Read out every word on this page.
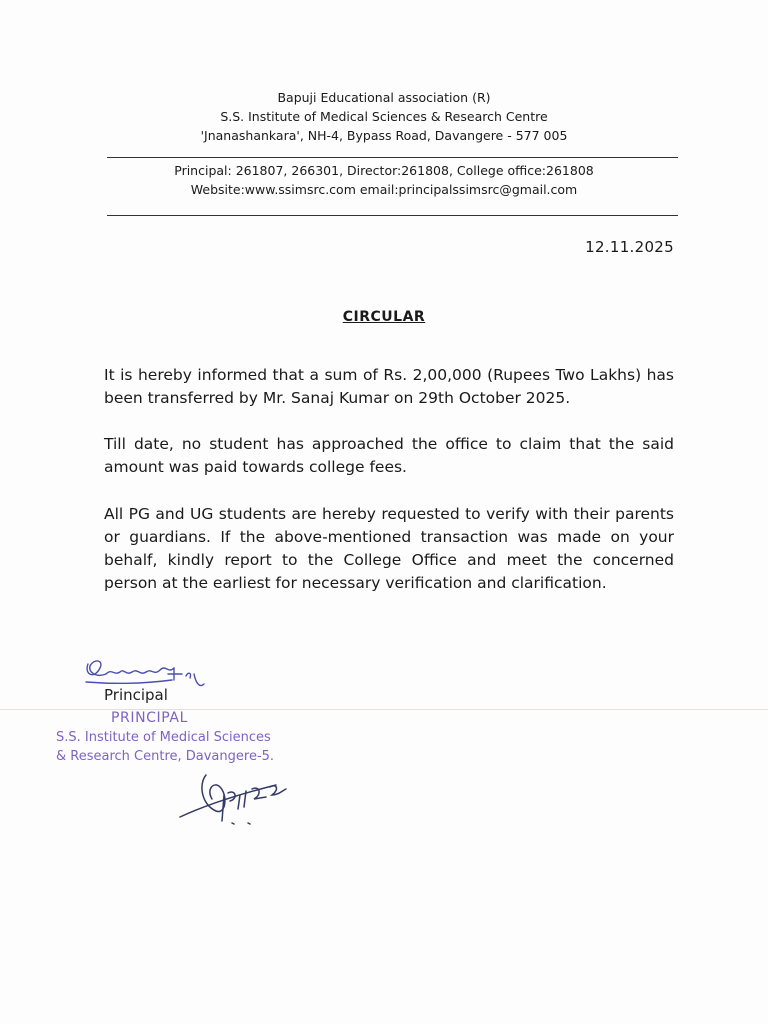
Bapuji Educational association (R)
S.S. Institute of Medical Sciences & Research Centre
'Jnanashankara', NH-4, Bypass Road, Davangere - 577 005
Principal: 261807, 266301, Director:261808, College office:261808
Website:www.ssimsrc.com email:principalssimsrc@gmail.com
12.11.2025
CIRCULAR

It is hereby informed that a sum of Rs. 2,00,000 (Rupees Two Lakhs) has been transferred by Mr. Sanaj Kumar on 29th October 2025.

Till date, no student has approached the office to claim that the said amount was paid towards college fees.

All PG and UG students are hereby requested to verify with their parents or guardians. If the above-mentioned transaction was made on your behalf, kindly report to the College Office and meet the concerned person at the earliest for necessary verification and clarification.

Principal
PRINCIPAL
S.S. Institute of Medical Sciences
& Research Centre, Davangere-5.
